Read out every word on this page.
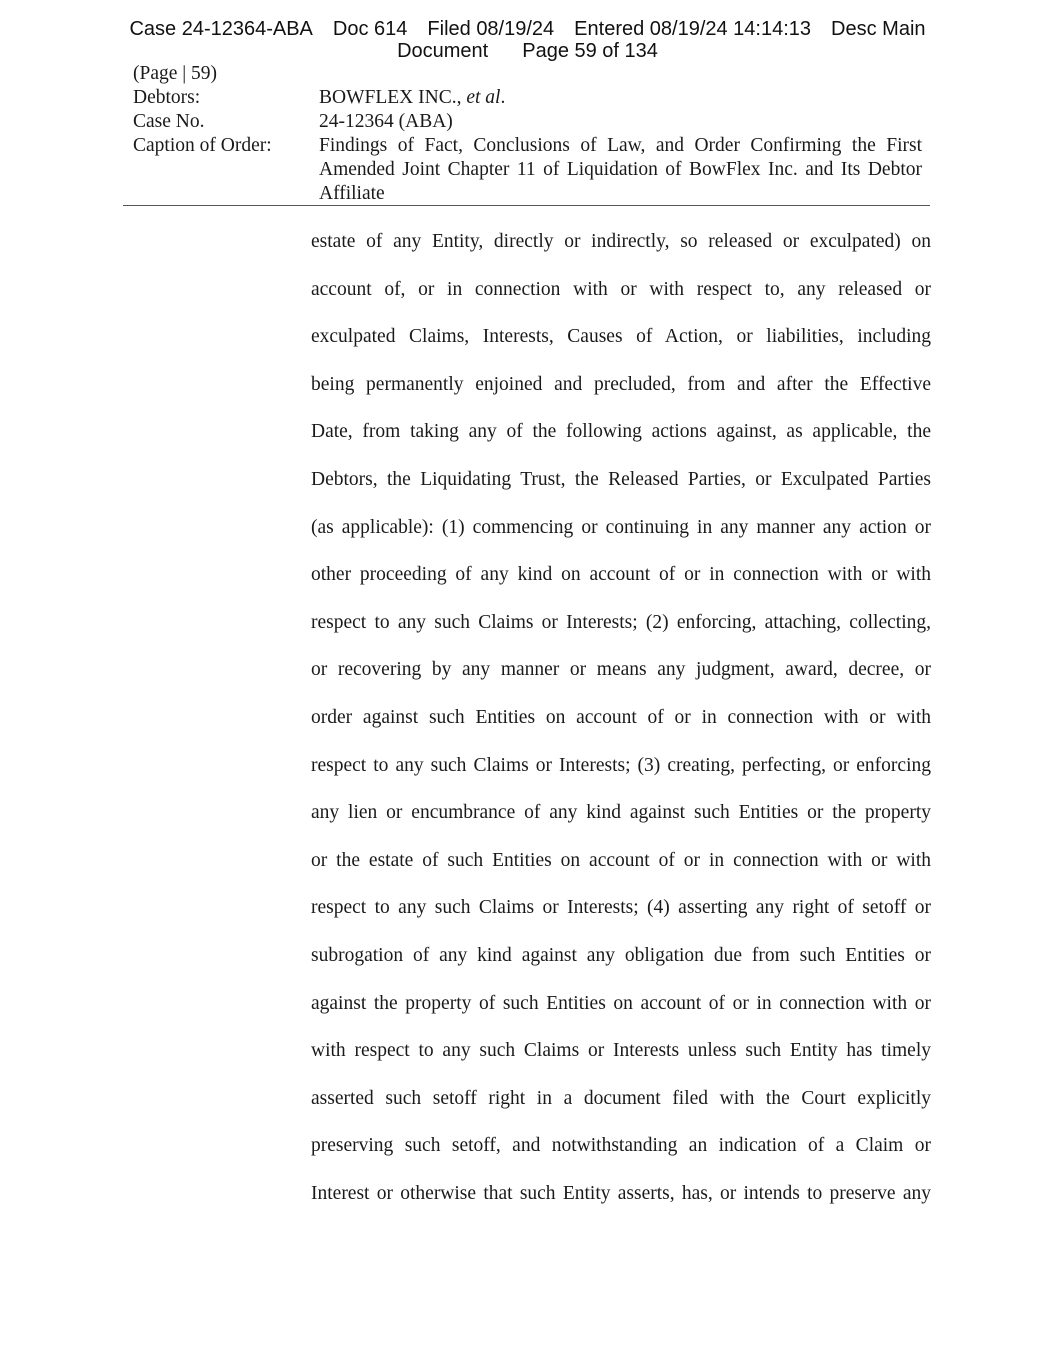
Case 24-12364-ABA Doc 614 Filed 08/19/24 Entered 08/19/24 14:14:13 Desc Main
Document Page 59 of 134
(Page | 59)
Debtors:	BOWFLEX INC., et al.
Case No.	24-12364 (ABA)
Caption of Order:	Findings of Fact, Conclusions of Law, and Order Confirming the First Amended Joint Chapter 11 of Liquidation of BowFlex Inc. and Its Debtor Affiliate
estate of any Entity, directly or indirectly, so released or exculpated) on
account of, or in connection with or with respect to, any released or
exculpated Claims, Interests, Causes of Action, or liabilities, including
being permanently enjoined and precluded, from and after the Effective
Date, from taking any of the following actions against, as applicable, the
Debtors, the Liquidating Trust, the Released Parties, or Exculpated Parties
(as applicable): (1) commencing or continuing in any manner any action or
other proceeding of any kind on account of or in connection with or with
respect to any such Claims or Interests; (2) enforcing, attaching, collecting,
or recovering by any manner or means any judgment, award, decree, or
order against such Entities on account of or in connection with or with
respect to any such Claims or Interests; (3) creating, perfecting, or enforcing
any lien or encumbrance of any kind against such Entities or the property
or the estate of such Entities on account of or in connection with or with
respect to any such Claims or Interests; (4) asserting any right of setoff or
subrogation of any kind against any obligation due from such Entities or
against the property of such Entities on account of or in connection with or
with respect to any such Claims or Interests unless such Entity has timely
asserted such setoff right in a document filed with the Court explicitly
preserving such setoff, and notwithstanding an indication of a Claim or
Interest or otherwise that such Entity asserts, has, or intends to preserve any
